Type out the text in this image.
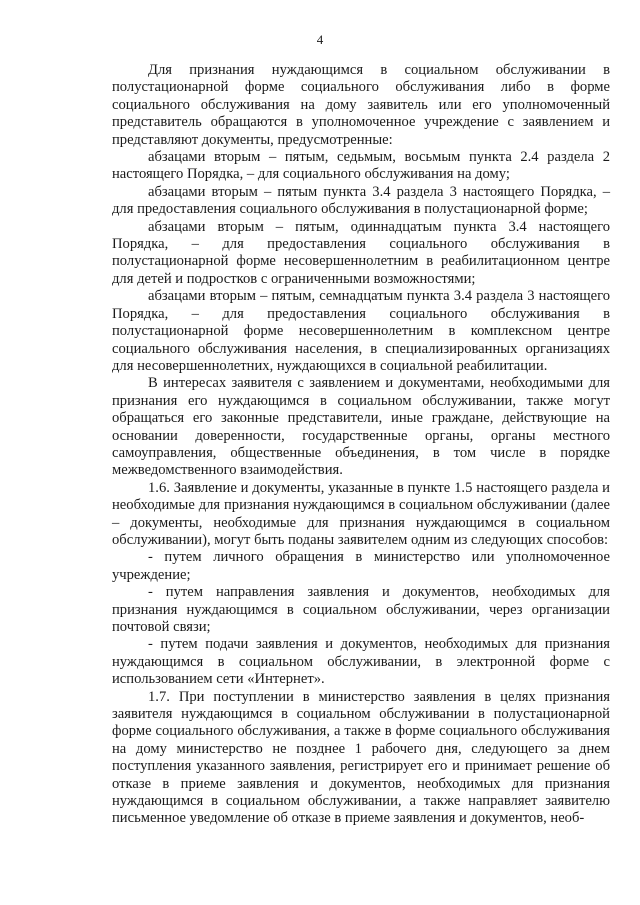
4

Для признания нуждающимся в социальном обслуживании в полустационарной форме социального обслуживания либо в форме социального обслуживания на дому заявитель или его уполномоченный представитель обращаются в уполномоченное учреждение с заявлением и представляют документы, предусмотренные:

абзацами вторым – пятым, седьмым, восьмым пункта 2.4 раздела 2 настоящего Порядка, – для социального обслуживания на дому;

абзацами вторым – пятым пункта 3.4 раздела 3 настоящего Порядка, – для предоставления социального обслуживания в полустационарной форме;

абзацами вторым – пятым, одиннадцатым пункта 3.4 настоящего Порядка, – для предоставления социального обслуживания в полустационарной форме несовершеннолетним в реабилитационном центре для детей и подростков с ограниченными возможностями;

абзацами вторым – пятым, семнадцатым пункта 3.4 раздела 3 настоящего Порядка, – для предоставления социального обслуживания в полустационарной форме несовершеннолетним в комплексном центре социального обслуживания населения, в специализированных организациях для несовершеннолетних, нуждающихся в социальной реабилитации.

В интересах заявителя с заявлением и документами, необходимыми для признания его нуждающимся в социальном обслуживании, также могут обращаться его законные представители, иные граждане, действующие на основании доверенности, государственные органы, органы местного самоуправления, общественные объединения, в том числе в порядке межведомственного взаимодействия.

1.6. Заявление и документы, указанные в пункте 1.5 настоящего раздела и необходимые для признания нуждающимся в социальном обслуживании (далее – документы, необходимые для признания нуждающимся в социальном обслуживании), могут быть поданы заявителем одним из следующих способов:

- путем личного обращения в министерство или уполномоченное учреждение;

- путем направления заявления и документов, необходимых для признания нуждающимся в социальном обслуживании, через организации почтовой связи;

- путем подачи заявления и документов, необходимых для признания нуждающимся в социальном обслуживании, в электронной форме с использованием сети «Интернет».

1.7. При поступлении в министерство заявления в целях признания заявителя нуждающимся в социальном обслуживании в полустационарной форме социального обслуживания, а также в форме социального обслуживания на дому министерство не позднее 1 рабочего дня, следующего за днем поступления указанного заявления, регистрирует его и принимает решение об отказе в приеме заявления и документов, необходимых для признания нуждающимся в социальном обслуживании, а также направляет заявителю письменное уведомление об отказе в приеме заявления и документов, необ-
